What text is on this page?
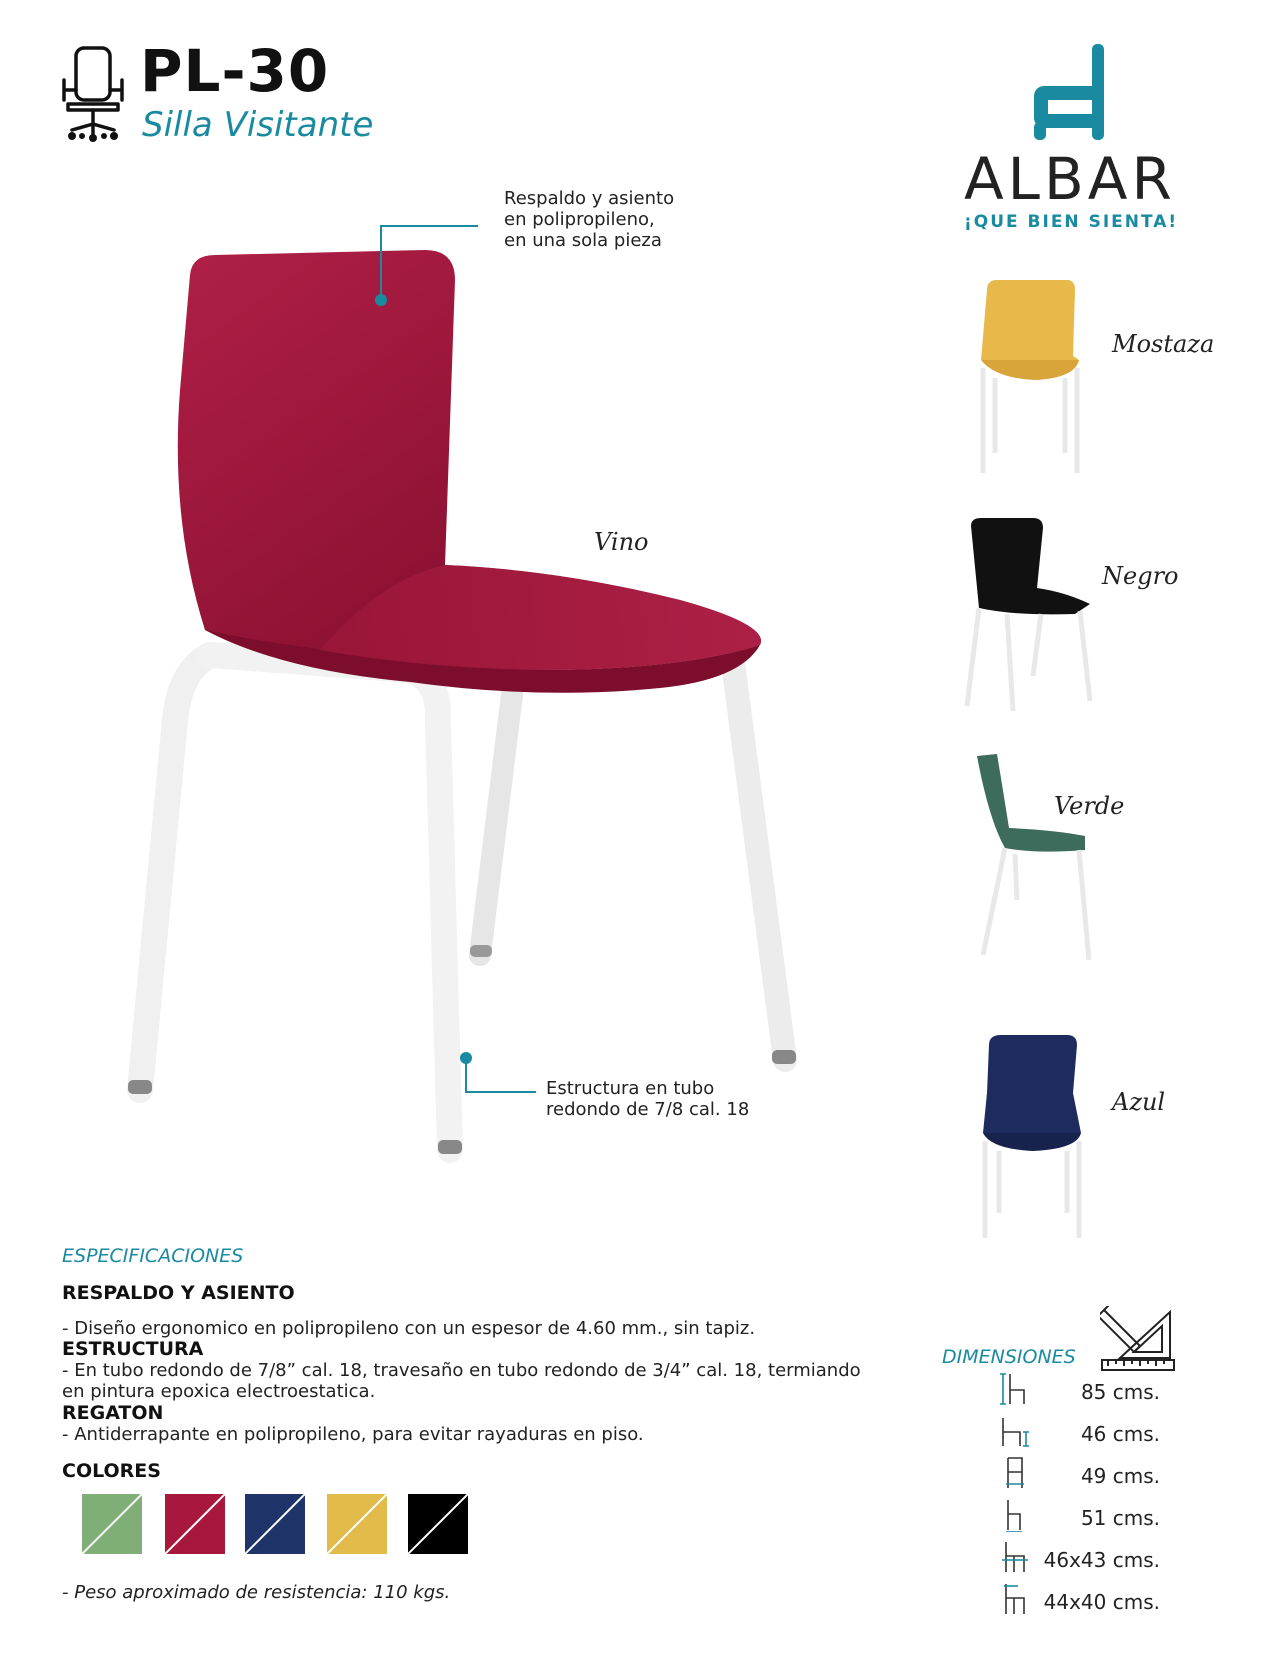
PL-30
Silla Visitante
ALBAR
¡QUE BIEN SIENTA!
Respaldo y asiento
en polipropileno,
en una sola pieza
Estructura en tubo
redondo de 7/8 cal. 18
Vino
Mostaza
Negro
Verde
Azul
ESPECIFICACIONES
RESPALDO Y ASIENTO
- Diseño ergonomico en polipropileno con un espesor de 4.60 mm., sin tapiz.
ESTRUCTURA
- En tubo redondo de 7/8” cal. 18, travesaño en tubo redondo de 3/4” cal. 18, termiando
en pintura epoxica electroestatica.
REGATON
- Antiderrapante en polipropileno, para evitar rayaduras en piso.
COLORES
- Peso aproximado de resistencia: 110 kgs.
DIMENSIONES
85 cms.
46 cms.
49 cms.
51 cms.
46x43 cms.
44x40 cms.
